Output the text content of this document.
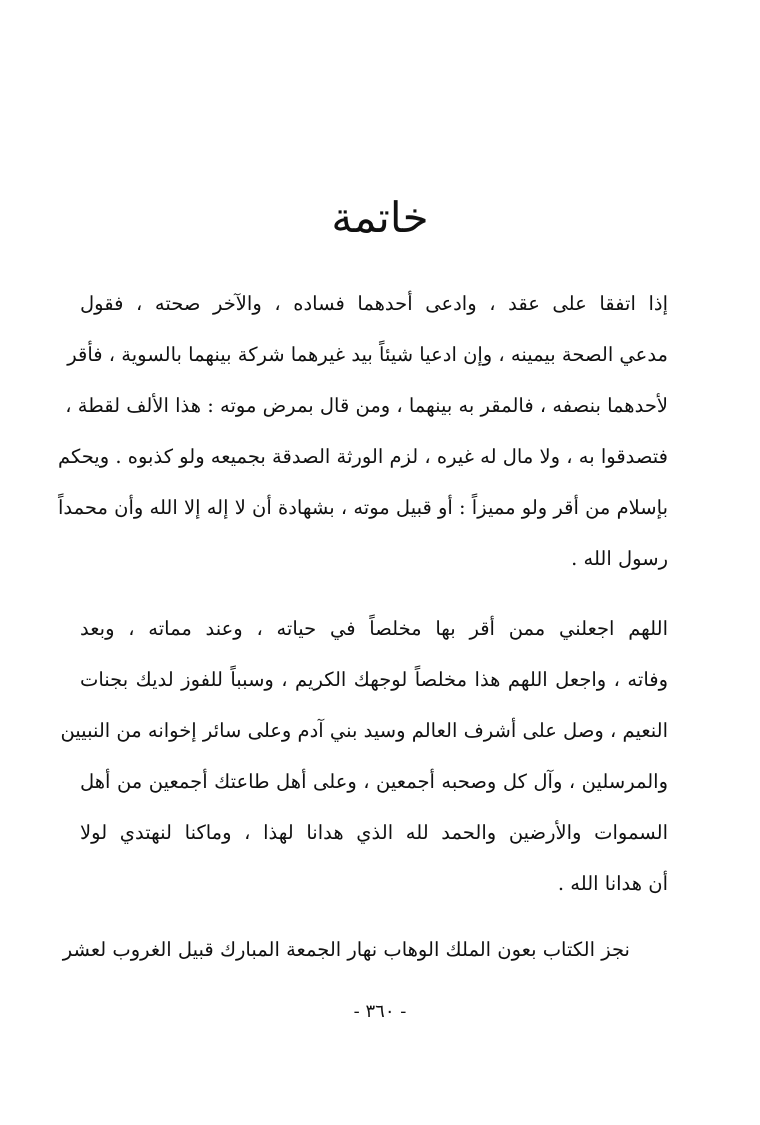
خاتمة
إذا اتفقا على عقد ، وادعى أحدهما فساده ، والآخر صحته ، فقول
مدعي الصحة بيمينه ، وإن ادعيا شيئاً بيد غيرهما شركة بينهما بالسوية ، فأقر
لأحدهما بنصفه ، فالمقر به بينهما ، ومن قال بمرض موته : هذا الألف لقطة ،
فتصدقوا به ، ولا مال له غيره ، لزم الورثة الصدقة بجميعه ولو كذبوه . ويحكم
بإسلام من أقر ولو مميزاً : أو قبيل موته ، بشهادة أن لا إله إلا الله وأن محمداً
رسول الله .
اللهم اجعلني ممن أقر بها مخلصاً في حياته ، وعند مماته ، وبعد
وفاته ، واجعل اللهم هذا مخلصاً لوجهك الكريم ، وسبباً للفوز لديك بجنات
النعيم ، وصل على أشرف العالم وسيد بني آدم وعلى سائر إخوانه من النبيين
والمرسلين ، وآل كل وصحبه أجمعين ، وعلى أهل طاعتك أجمعين من أهل
السموات والأرضين والحمد لله الذي هدانا لهذا ، وماكنا لنهتدي لولا
أن هدانا الله .
نجز الكتاب بعون الملك الوهاب نهار الجمعة المبارك قبيل الغروب لعشر
- ٣٦٠ -
